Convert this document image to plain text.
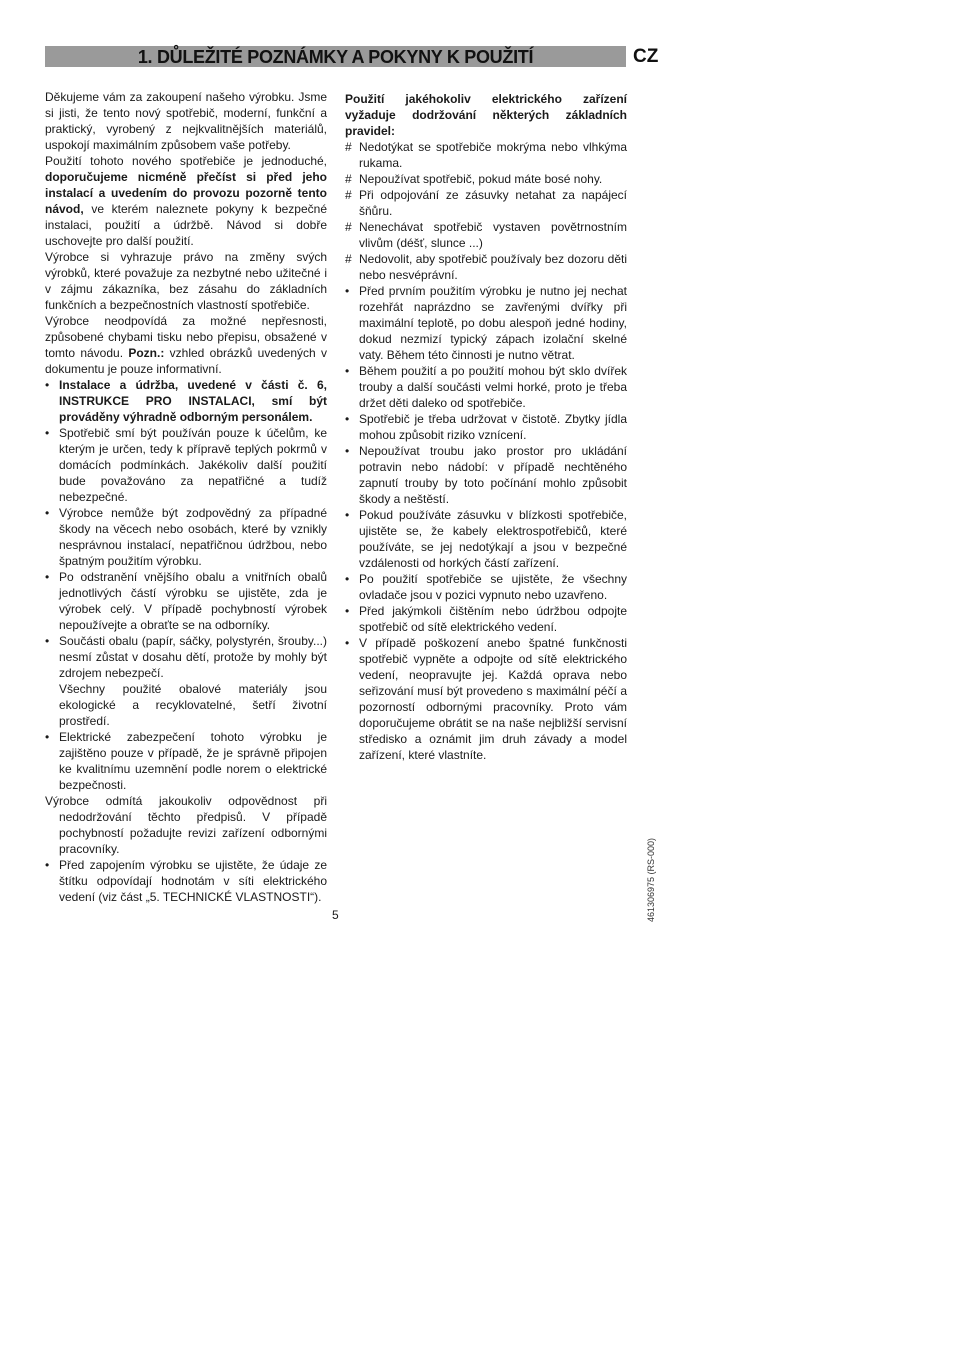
1. DŮLEŽITÉ POZNÁMKY A POKYNY K POUŽITÍ	CZ

Děkujeme vám za zakoupení našeho výrobku. Jsme si jisti, že tento nový spotřebič, moderní, funkční a praktický, vyrobený z nejkvalitnějších materiálů, uspokojí maximálním způsobem vaše potřeby.

Použití tohoto nového spotřebiče je jednoduché, doporučujeme nicméně přečíst si před jeho instalací a uvedením do provozu pozorně tento návod, ve kterém naleznete pokyny k bezpečné instalaci, použití a údržbě. Návod si dobře uschovejte pro další použití.

Výrobce si vyhrazuje právo na změny svých výrobků, které považuje za nezbytné nebo užitečné i v zájmu zákazníka, bez zásahu do základních funkčních a bezpečnostních vlastností spotřebiče.

Výrobce neodpovídá za možné nepřesnosti, způsobené chybami tisku nebo přepisu, obsažené v tomto návodu. Pozn.: vzhled obrázků uvedených v dokumentu je pouze informativní.

• Instalace a údržba, uvedené v části č. 6, INSTRUKCE PRO INSTALACI, smí být prováděny výhradně odborným personálem.
• Spotřebič smí být používán pouze k účelům, ke kterým je určen, tedy k přípravě teplých pokrmů v domácích podmínkách. Jakékoliv další použití bude považováno za nepatřičné a tudíž nebezpečné.
• Výrobce nemůže být zodpovědný za případné škody na věcech nebo osobách, které by vznikly nesprávnou instalací, nepatřičnou údržbou, nebo špatným použitím výrobku.
• Po odstranění vnějšího obalu a vnitřních obalů jednotlivých částí výrobku se ujistěte, zda je výrobek celý. V případě pochybností výrobek nepoužívejte a obraťte se na odborníky.
• Součásti obalu (papír, sáčky, polystyrén, šrouby...) nesmí zůstat v dosahu dětí, protože by mohly být zdrojem nebezpečí.

Všechny použité obalové materiály jsou ekologické a recyklovatelné, šetří životní prostředí.

• Elektrické zabezpečení tohoto výrobku je zajištěno pouze v případě, že je správně připojen ke kvalitnímu uzemnění podle norem o elektrické bezpečnosti.

Výrobce odmítá jakoukoliv odpovědnost při nedodržování těchto předpisů. V případě pochybností požadujte revizi zařízení odbornými pracovníky.

• Před zapojením výrobku se ujistěte, že údaje ze štítku odpovídají hodnotám v síti elektrického vedení (viz část „5. TECHNICKÉ VLASTNOSTI“).

Použití jakéhokoliv elektrického zařízení vyžaduje dodržování některých základních pravidel:

# Nedotýkat se spotřebiče mokrýma nebo vlhkýma rukama.
# Nepoužívat spotřebič, pokud máte bosé nohy.
# Při odpojování ze zásuvky netahat za napájecí šňůru.
# Nenechávat spotřebič vystaven povětrnostním vlivům (déšť, slunce ...)
# Nedovolit, aby spotřebič používaly bez dozoru děti nebo nesvéprávní.
• Před prvním použitím výrobku je nutno jej nechat rozehřát naprázdno se zavřenými dvířky při maximální teplotě, po dobu alespoň jedné hodiny, dokud nezmizí typický zápach izolační skelné vaty. Během této činnosti je nutno větrat.
• Během použití a po použití mohou být sklo dvířek trouby a další součásti velmi horké, proto je třeba držet děti daleko od spotřebiče.
• Spotřebič je třeba udržovat v čistotě. Zbytky jídla mohou způsobit riziko vznícení.
• Nepoužívat troubu jako prostor pro ukládání potravin nebo nádobí: v případě nechtěného zapnutí trouby by toto počínání mohlo způsobit škody a neštěstí.
• Pokud používáte zásuvku v blízkosti spotřebiče, ujistěte se, že kabely elektrospotřebičů, které používáte, se jej nedotýkají a jsou v bezpečné vzdálenosti od horkých částí zařízení.
• Po použití spotřebiče se ujistěte, že všechny ovladače jsou v pozici vypnuto nebo uzavřeno.
• Před jakýmkoli čištěním nebo údržbou odpojte spotřebič od sítě elektrického vedení.
• V případě poškození anebo špatné funkčnosti spotřebič vypněte a odpojte od sítě elektrického vedení, neopravujte jej. Každá oprava nebo seřizování musí být provedeno s maximální péčí a pozorností odbornými pracovníky. Proto vám doporučujeme obrátit se na naše nejbližší servisní středisko a oznámit jim druh závady a model zařízení, které vlastníte.
5	461306975 (RS-000)
